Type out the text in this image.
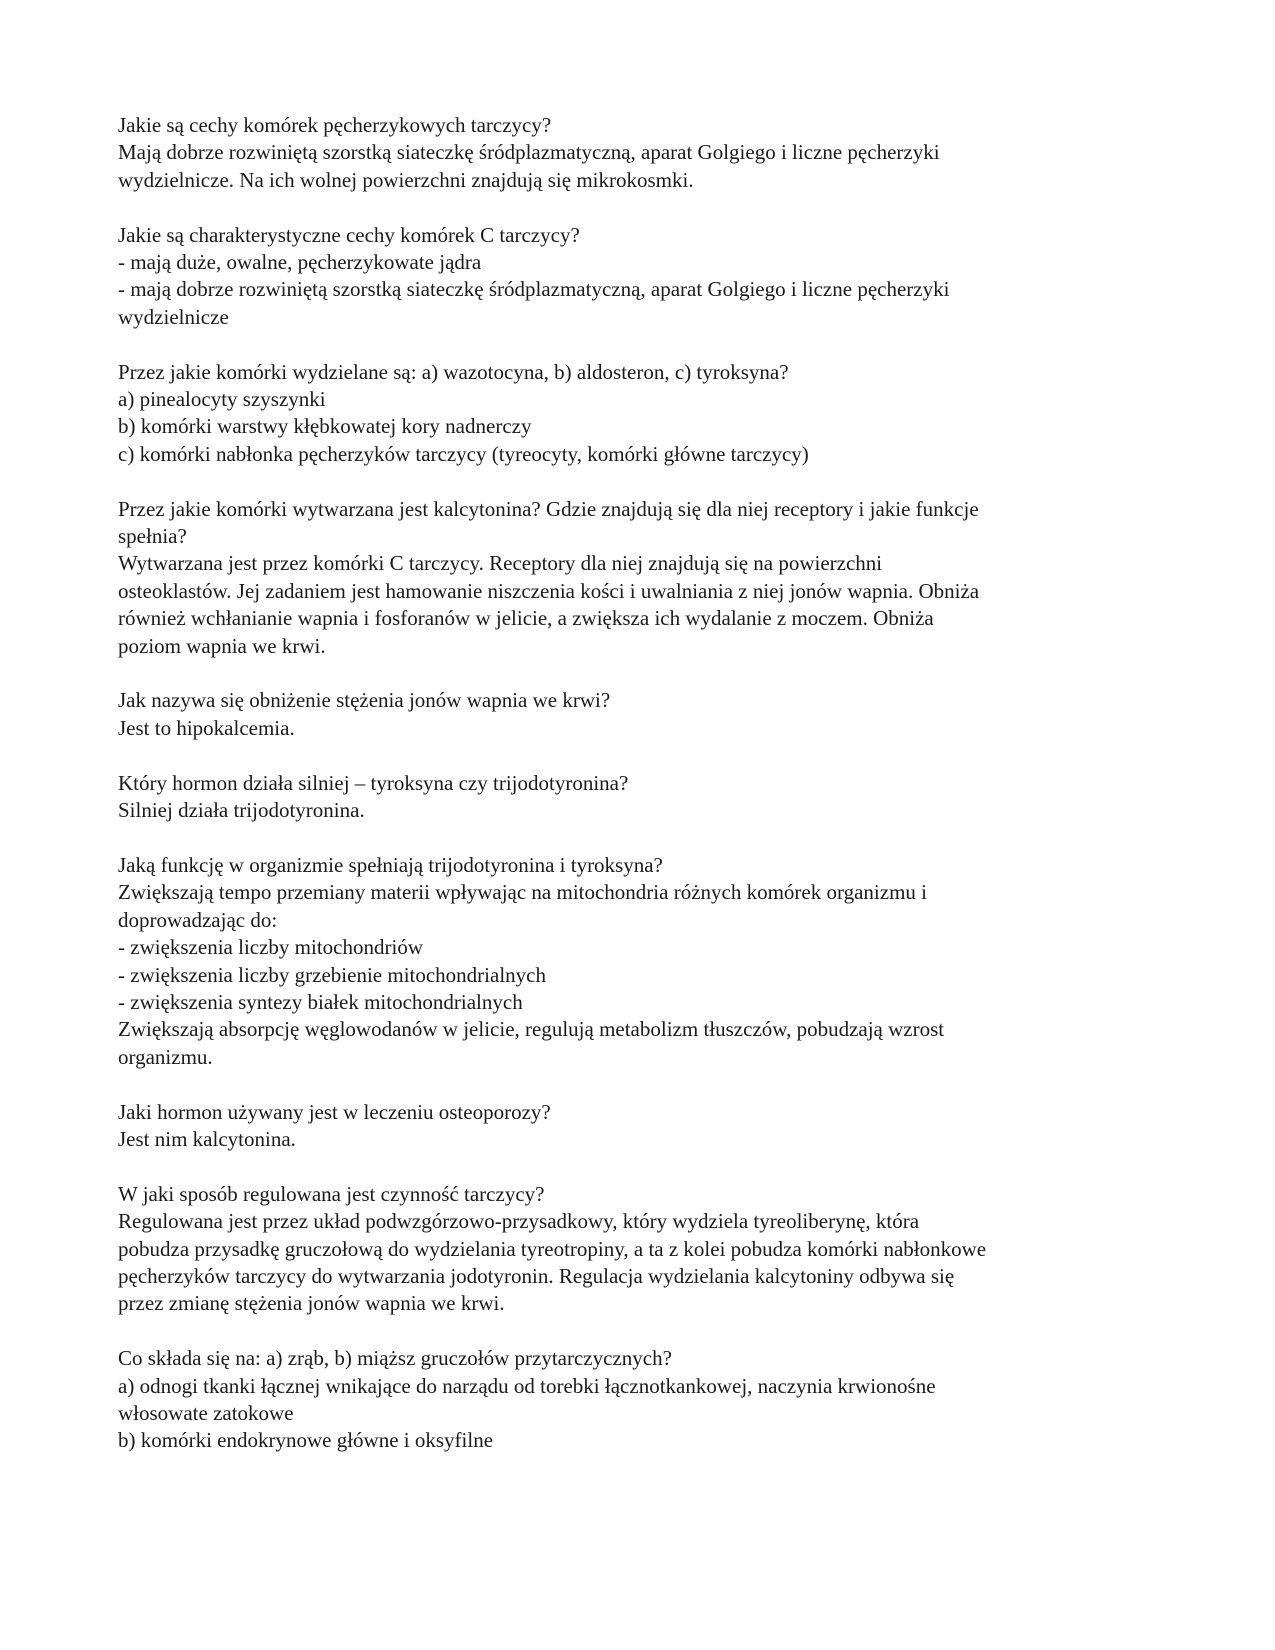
Jakie są cechy komórek pęcherzykowych tarczycy?
Mają dobrze rozwiniętą szorstką siateczkę śródplazmatyczną, aparat Golgiego i liczne pęcherzyki
wydzielnicze. Na ich wolnej powierzchni znajdują się mikrokosmki.
Jakie są charakterystyczne cechy komórek C tarczycy?
- mają duże, owalne, pęcherzykowate jądra
- mają dobrze rozwiniętą szorstką siateczkę śródplazmatyczną, aparat Golgiego i liczne pęcherzyki
wydzielnicze
Przez jakie komórki wydzielane są: a) wazotocyna, b) aldosteron, c) tyroksyna?
a) pinealocyty szyszynki
b) komórki warstwy kłębkowatej kory nadnerczy
c) komórki nabłonka pęcherzyków tarczycy (tyreocyty, komórki główne tarczycy)
Przez jakie komórki wytwarzana jest kalcytonina? Gdzie znajdują się dla niej receptory i jakie funkcje
spełnia?
Wytwarzana jest przez komórki C tarczycy. Receptory dla niej znajdują się na powierzchni
osteoklastów. Jej zadaniem jest hamowanie niszczenia kości i uwalniania z niej jonów wapnia. Obniża
również wchłanianie wapnia i fosforanów w jelicie, a zwiększa ich wydalanie z moczem. Obniża
poziom wapnia we krwi.
Jak nazywa się obniżenie stężenia jonów wapnia we krwi?
Jest to hipokalcemia.
Który hormon działa silniej – tyroksyna czy trijodotyronina?
Silniej działa trijodotyronina.
Jaką funkcję w organizmie spełniają trijodotyronina i tyroksyna?
Zwiększają tempo przemiany materii wpływając na mitochondria różnych komórek organizmu i
doprowadzając do:
- zwiększenia liczby mitochondriów
- zwiększenia liczby grzebienie mitochondrialnych
- zwiększenia syntezy białek mitochondrialnych
Zwiększają absorpcję węglowodanów w jelicie, regulują metabolizm tłuszczów, pobudzają wzrost
organizmu.
Jaki hormon używany jest w leczeniu osteoporozy?
Jest nim kalcytonina.
W jaki sposób regulowana jest czynność tarczycy?
Regulowana jest przez układ podwzgórzowo-przysadkowy, który wydziela tyreoliberynę, która
pobudza przysadkę gruczołową do wydzielania tyreotropiny, a ta z kolei pobudza komórki nabłonkowe
pęcherzyków tarczycy do wytwarzania jodotyronin. Regulacja wydzielania kalcytoniny odbywa się
przez zmianę stężenia jonów wapnia we krwi.
Co składa się na: a) zrąb, b) miąższ gruczołów przytarczycznych?
a) odnogi tkanki łącznej wnikające do narządu od torebki łącznotkankowej, naczynia krwionośne
włosowate zatokowe
b) komórki endokrynowe główne i oksyfilne
